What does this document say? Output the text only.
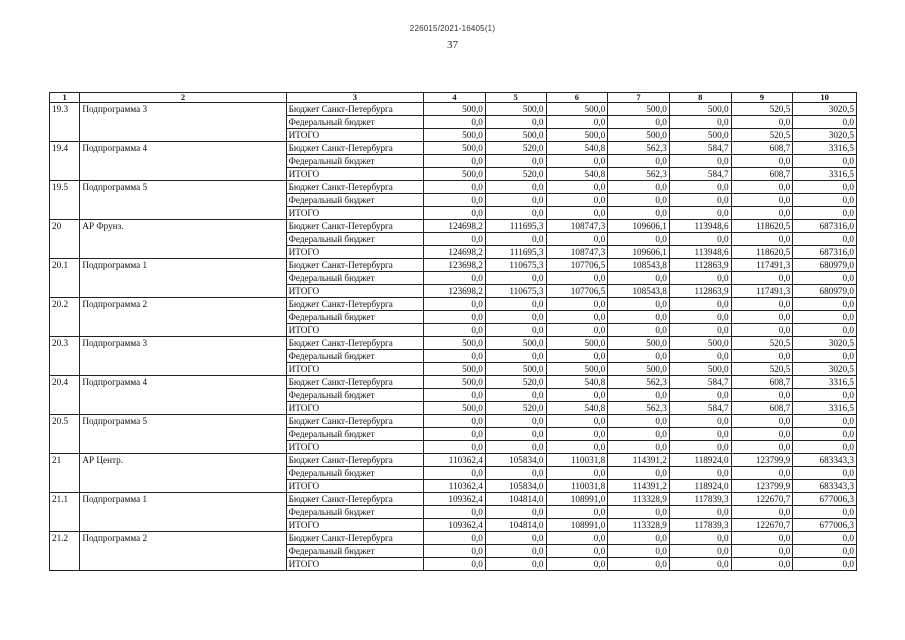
226015/2021-16405(1)
37
1	2	3	4	5	6	7	8	9	10
19.3	Подпрограмма 3	Бюджет Санкт-Петербурга	500,0	500,0	500,0	500,0	500,0	520,5	3020,5
		Федеральный бюджет	0,0	0,0	0,0	0,0	0,0	0,0	0,0
		ИТОГО	500,0	500,0	500,0	500,0	500,0	520,5	3020,5
19.4	Подпрограмма 4	Бюджет Санкт-Петербурга	500,0	520,0	540,8	562,3	584,7	608,7	3316,5
		Федеральный бюджет	0,0	0,0	0,0	0,0	0,0	0,0	0,0
		ИТОГО	500,0	520,0	540,8	562,3	584,7	608,7	3316,5
19.5	Подпрограмма 5	Бюджет Санкт-Петербурга	0,0	0,0	0,0	0,0	0,0	0,0	0,0
		Федеральный бюджет	0,0	0,0	0,0	0,0	0,0	0,0	0,0
		ИТОГО	0,0	0,0	0,0	0,0	0,0	0,0	0,0
20	АР Фрунз.	Бюджет Санкт-Петербурга	124698,2	111695,3	108747,3	109606,1	113948,6	118620,5	687316,0
		Федеральный бюджет	0,0	0,0	0,0	0,0	0,0	0,0	0,0
		ИТОГО	124698,2	111695,3	108747,3	109606,1	113948,6	118620,5	687316,0
20.1	Подпрограмма 1	Бюджет Санкт-Петербурга	123698,2	110675,3	107706,5	108543,8	112863,9	117491,3	680979,0
		Федеральный бюджет	0,0	0,0	0,0	0,0	0,0	0,0	0,0
		ИТОГО	123698,2	110675,3	107706,5	108543,8	112863,9	117491,3	680979,0
20.2	Подпрограмма 2	Бюджет Санкт-Петербурга	0,0	0,0	0,0	0,0	0,0	0,0	0,0
		Федеральный бюджет	0,0	0,0	0,0	0,0	0,0	0,0	0,0
		ИТОГО	0,0	0,0	0,0	0,0	0,0	0,0	0,0
20.3	Подпрограмма 3	Бюджет Санкт-Петербурга	500,0	500,0	500,0	500,0	500,0	520,5	3020,5
		Федеральный бюджет	0,0	0,0	0,0	0,0	0,0	0,0	0,0
		ИТОГО	500,0	500,0	500,0	500,0	500,0	520,5	3020,5
20.4	Подпрограмма 4	Бюджет Санкт-Петербурга	500,0	520,0	540,8	562,3	584,7	608,7	3316,5
		Федеральный бюджет	0,0	0,0	0,0	0,0	0,0	0,0	0,0
		ИТОГО	500,0	520,0	540,8	562,3	584,7	608,7	3316,5
20.5	Подпрограмма 5	Бюджет Санкт-Петербурга	0,0	0,0	0,0	0,0	0,0	0,0	0,0
		Федеральный бюджет	0,0	0,0	0,0	0,0	0,0	0,0	0,0
		ИТОГО	0,0	0,0	0,0	0,0	0,0	0,0	0,0
21	АР Центр.	Бюджет Санкт-Петербурга	110362,4	105834,0	110031,8	114391,2	118924,0	123799,9	683343,3
		Федеральный бюджет	0,0	0,0	0,0	0,0	0,0	0,0	0,0
		ИТОГО	110362,4	105834,0	110031,8	114391,2	118924,0	123799,9	683343,3
21.1	Подпрограмма 1	Бюджет Санкт-Петербурга	109362,4	104814,0	108991,0	113328,9	117839,3	122670,7	677006,3
		Федеральный бюджет	0,0	0,0	0,0	0,0	0,0	0,0	0,0
		ИТОГО	109362,4	104814,0	108991,0	113328,9	117839,3	122670,7	677006,3
21.2	Подпрограмма 2	Бюджет Санкт-Петербурга	0,0	0,0	0,0	0,0	0,0	0,0	0,0
		Федеральный бюджет	0,0	0,0	0,0	0,0	0,0	0,0	0,0
		ИТОГО	0,0	0,0	0,0	0,0	0,0	0,0	0,0
